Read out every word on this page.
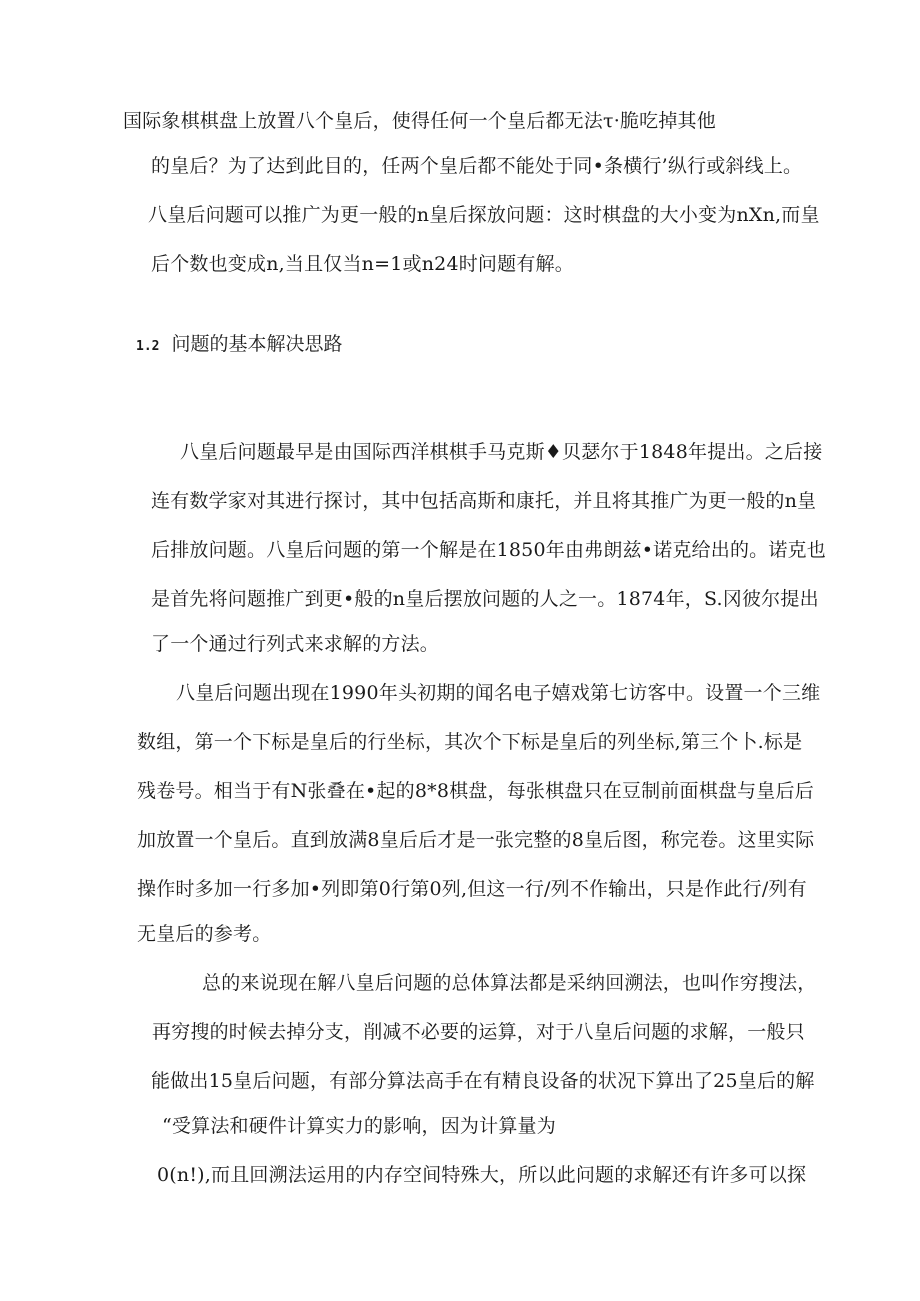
国际象棋棋盘上放置八个皇后，使得任何一个皇后都无法τ·脆吃掉其他
的皇后？为了达到此目的，任两个皇后都不能处于同•条横行’纵行或斜线上。
八皇后问题可以推广为更一般的n皇后探放问题：这时棋盘的大小变为nXn,而皇
后个数也变成n,当且仅当n=1或n24时问题有解。
1.2 问题的基本解决思路
八皇后问题最早是由国际西洋棋棋手马克斯♦贝瑟尔于1848年提出。之后接
连有数学家对其进行探讨，其中包括高斯和康托，并且将其推广为更一般的n皇
后排放问题。八皇后问题的第一个解是在1850年由弗朗兹•诺克给出的。诺克也
是首先将问题推广到更•般的n皇后摆放问题的人之一。1874年，S.冈彼尔提出
了一个通过行列式来求解的方法。
八皇后问题出现在1990年头初期的闻名电子嬉戏第七访客中。设置一个三维
数组，第一个下标是皇后的行坐标，其次个下标是皇后的列坐标,第三个卜.标是
残卷号。相当于有N张叠在•起的8*8棋盘，每张棋盘只在豆制前面棋盘与皇后后
加放置一个皇后。直到放满8皇后后才是一张完整的8皇后图，称完卷。这里实际
操作时多加一行多加•列即第0行第0列,但这一行/列不作输出，只是作此行/列有
无皇后的参考。
总的来说现在解八皇后问题的总体算法都是采纳回溯法，也叫作穷搜法，
再穷搜的时候去掉分支，削减不必要的运算，对于八皇后问题的求解，一般只
能做出15皇后问题，有部分算法高手在有精良设备的状况下算出了25皇后的解
“受算法和硬件计算实力的影响，因为计算量为
0(n!),而且回溯法运用的内存空间特殊大，所以此问题的求解还有许多可以探
